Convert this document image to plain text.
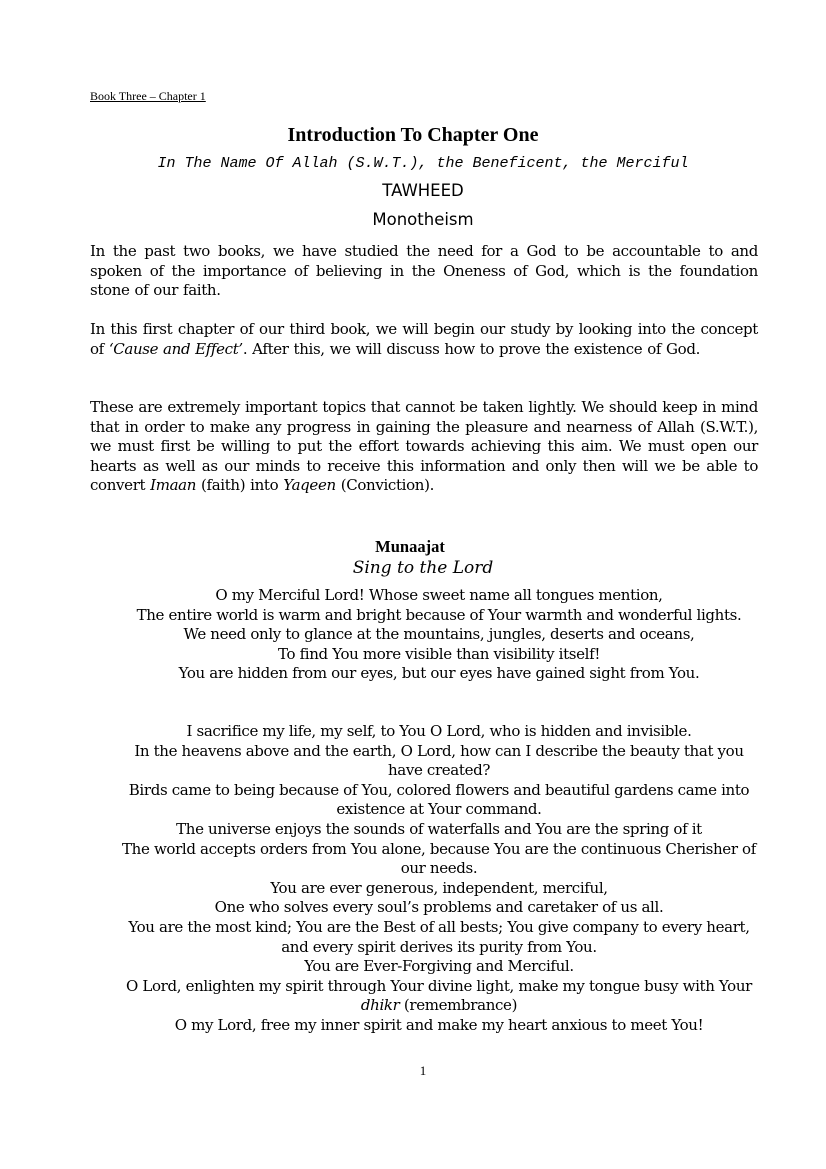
Book Three – Chapter 1
Introduction To Chapter One
In The Name Of Allah (S.W.T.), the Beneficent, the Merciful
TAWHEED
Monotheism

In the past two books, we have studied the need for a God to be accountable to and spoken of the importance of believing in the Oneness of God, which is the foundation stone of our faith.

In this first chapter of our third book, we will begin our study by looking into the concept of ‘Cause and Effect’. After this, we will discuss how to prove the existence of God.

These are extremely important topics that cannot be taken lightly. We should keep in mind that in order to make any progress in gaining the pleasure and nearness of Allah (S.W.T.), we must first be willing to put the effort towards achieving this aim. We must open our hearts as well as our minds to receive this information and only then will we be able to convert Imaan (faith) into Yaqeen (Conviction).

Munaajat
Sing to the Lord
O my Merciful Lord! Whose sweet name all tongues mention,
The entire world is warm and bright because of Your warmth and wonderful lights.
We need only to glance at the mountains, jungles, deserts and oceans,
To find You more visible than visibility itself!
You are hidden from our eyes, but our eyes have gained sight from You.
I sacrifice my life, my self, to You O Lord, who is hidden and invisible.
In the heavens above and the earth, O Lord, how can I describe the beauty that you have created?
Birds came to being because of You, colored flowers and beautiful gardens came into existence at Your command.
The universe enjoys the sounds of waterfalls and You are the spring of it
The world accepts orders from You alone, because You are the continuous Cherisher of our needs.
You are ever generous, independent, merciful,
One who solves every soul’s problems and caretaker of us all.
You are the most kind; You are the Best of all bests; You give company to every heart, and every spirit derives its purity from You.
You are Ever-Forgiving and Merciful.
O Lord, enlighten my spirit through Your divine light, make my tongue busy with Your dhikr (remembrance)
O my Lord, free my inner spirit and make my heart anxious to meet You!
1
